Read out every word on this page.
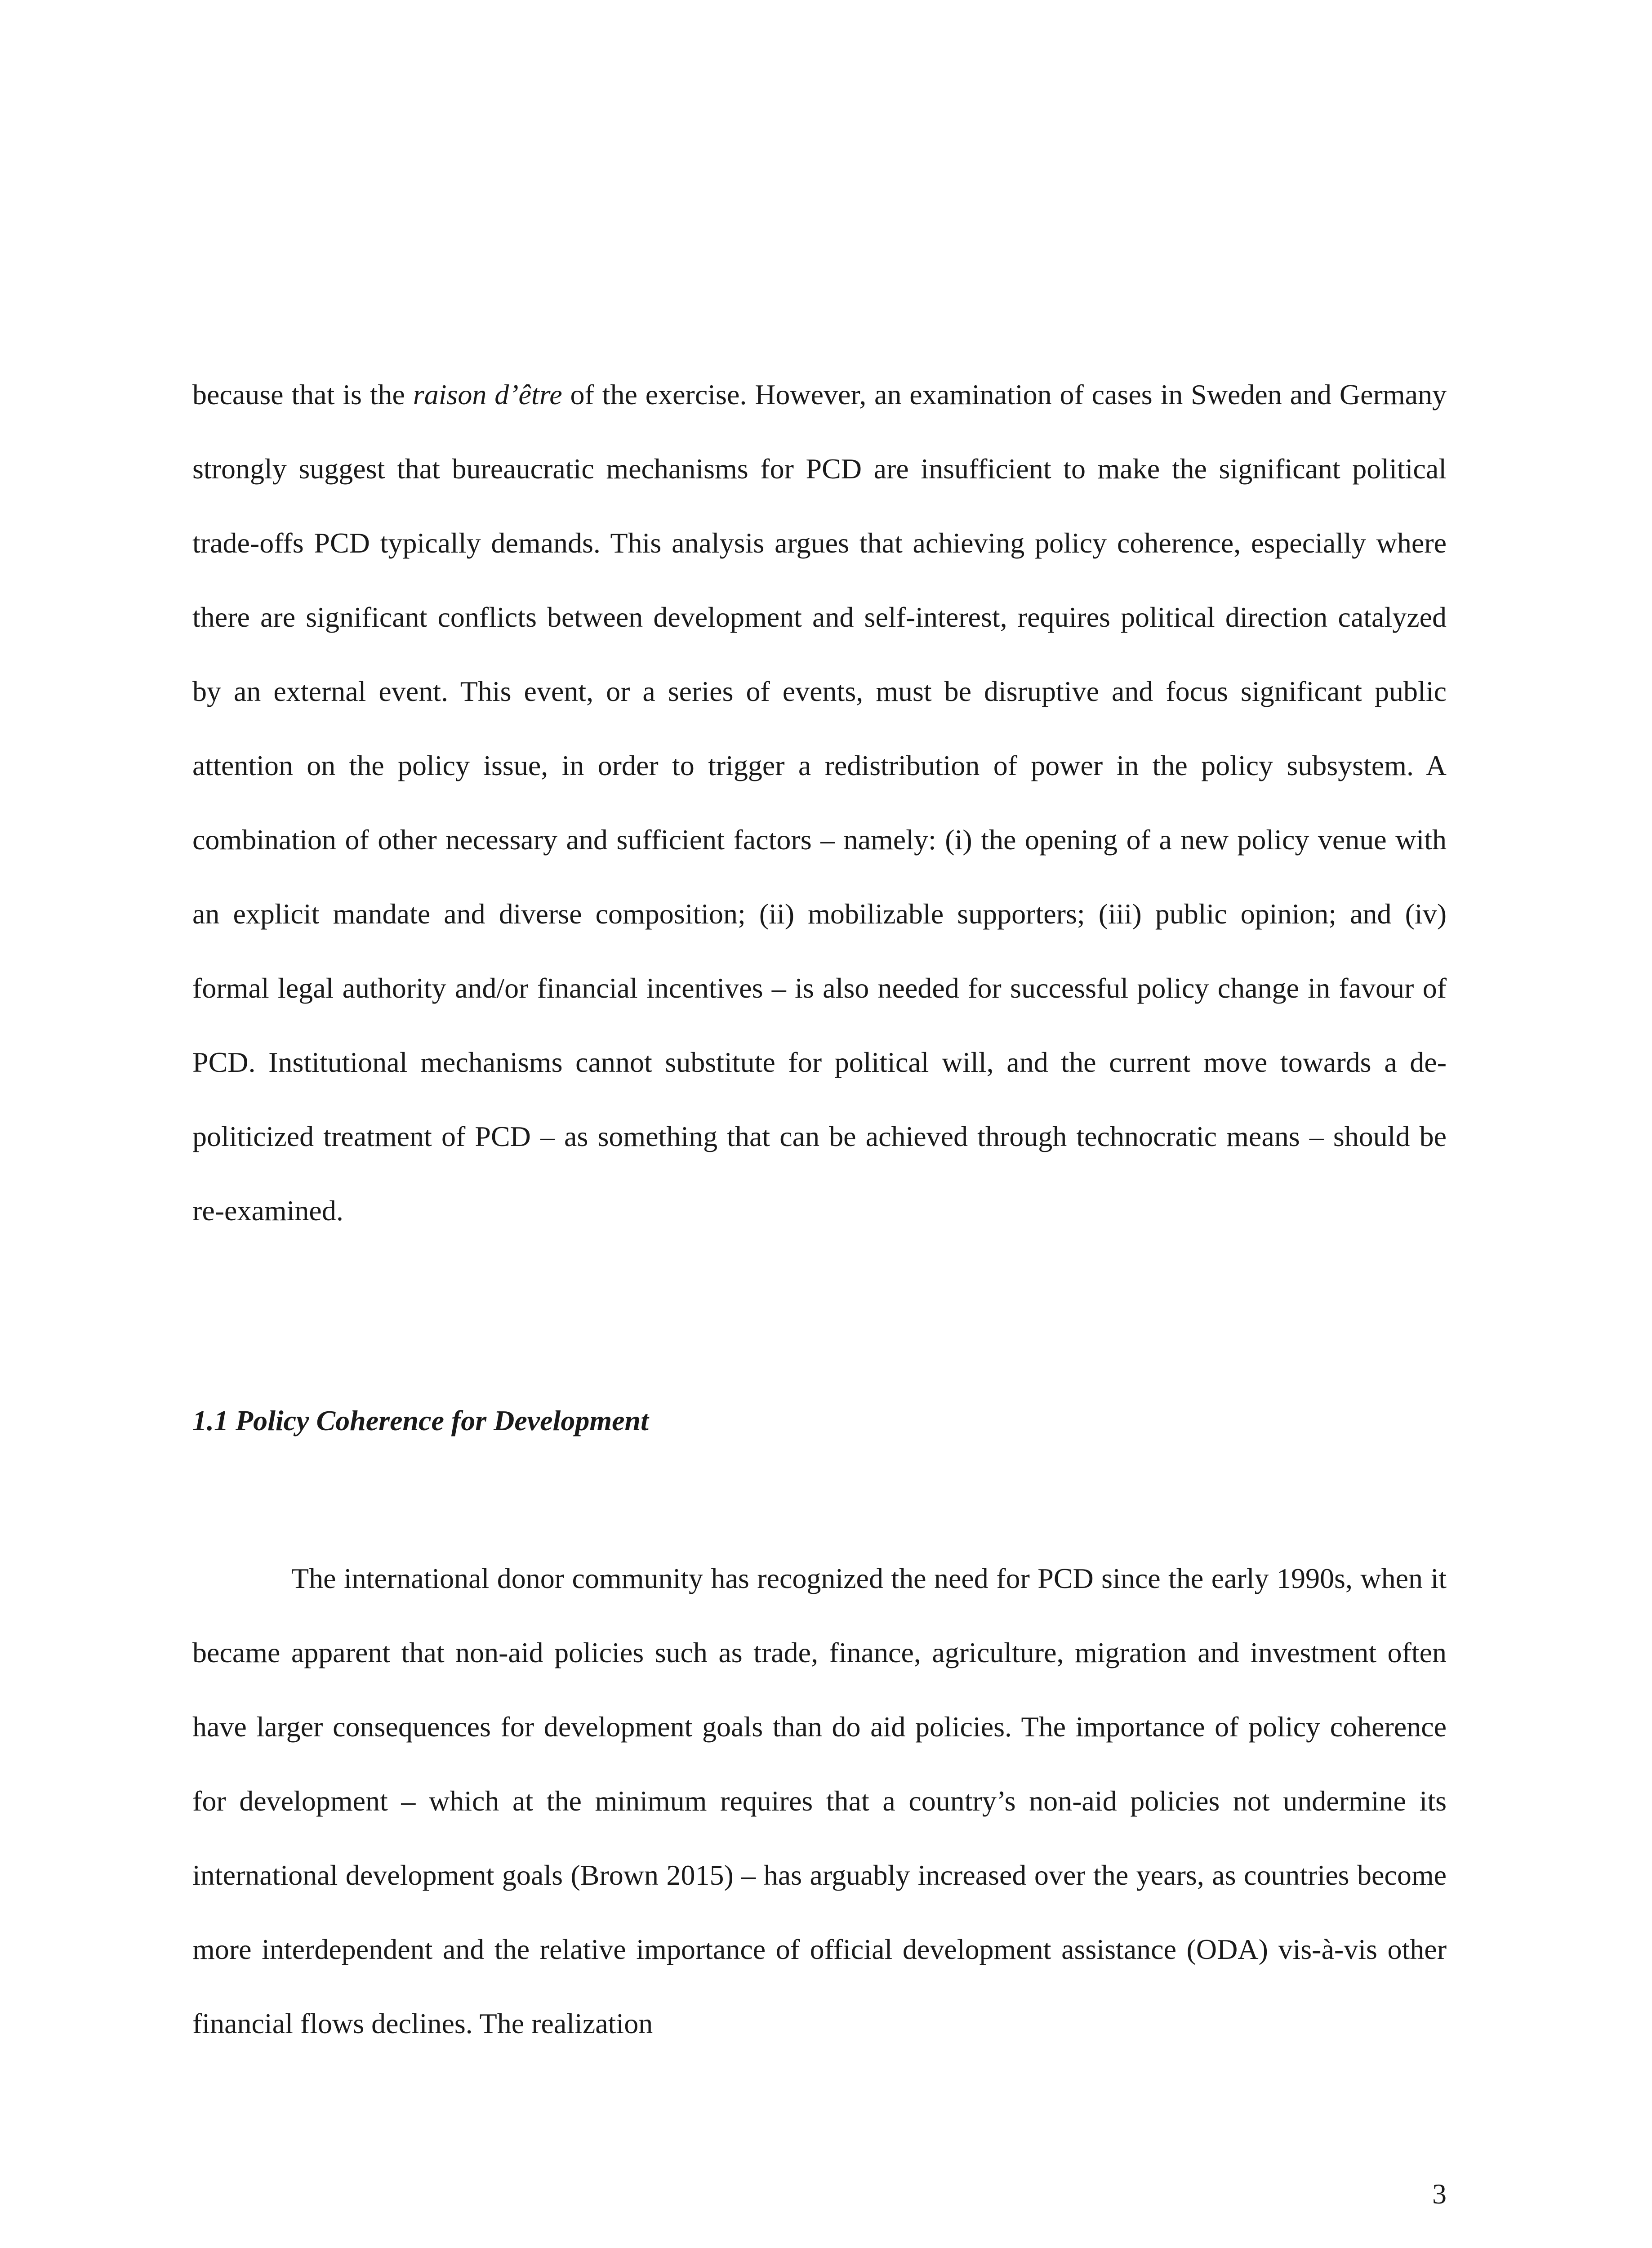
because that is the raison d’être of the exercise. However, an examination of cases in Sweden and Germany strongly suggest that bureaucratic mechanisms for PCD are insufficient to make the significant political trade-offs PCD typically demands. This analysis argues that achieving policy coherence, especially where there are significant conflicts between development and self-interest, requires political direction catalyzed by an external event. This event, or a series of events, must be disruptive and focus significant public attention on the policy issue, in order to trigger a redistribution of power in the policy subsystem. A combination of other necessary and sufficient factors – namely: (i) the opening of a new policy venue with an explicit mandate and diverse composition; (ii) mobilizable supporters; (iii) public opinion; and (iv) formal legal authority and/or financial incentives – is also needed for successful policy change in favour of PCD. Institutional mechanisms cannot substitute for political will, and the current move towards a de-politicized treatment of PCD – as something that can be achieved through technocratic means – should be re-examined.

1.1 Policy Coherence for Development

The international donor community has recognized the need for PCD since the early 1990s, when it became apparent that non-aid policies such as trade, finance, agriculture, migration and investment often have larger consequences for development goals than do aid policies. The importance of policy coherence for development – which at the minimum requires that a country’s non-aid policies not undermine its international development goals (Brown 2015) – has arguably increased over the years, as countries become more interdependent and the relative importance of official development assistance (ODA) vis-à-vis other financial flows declines. The realization

3
